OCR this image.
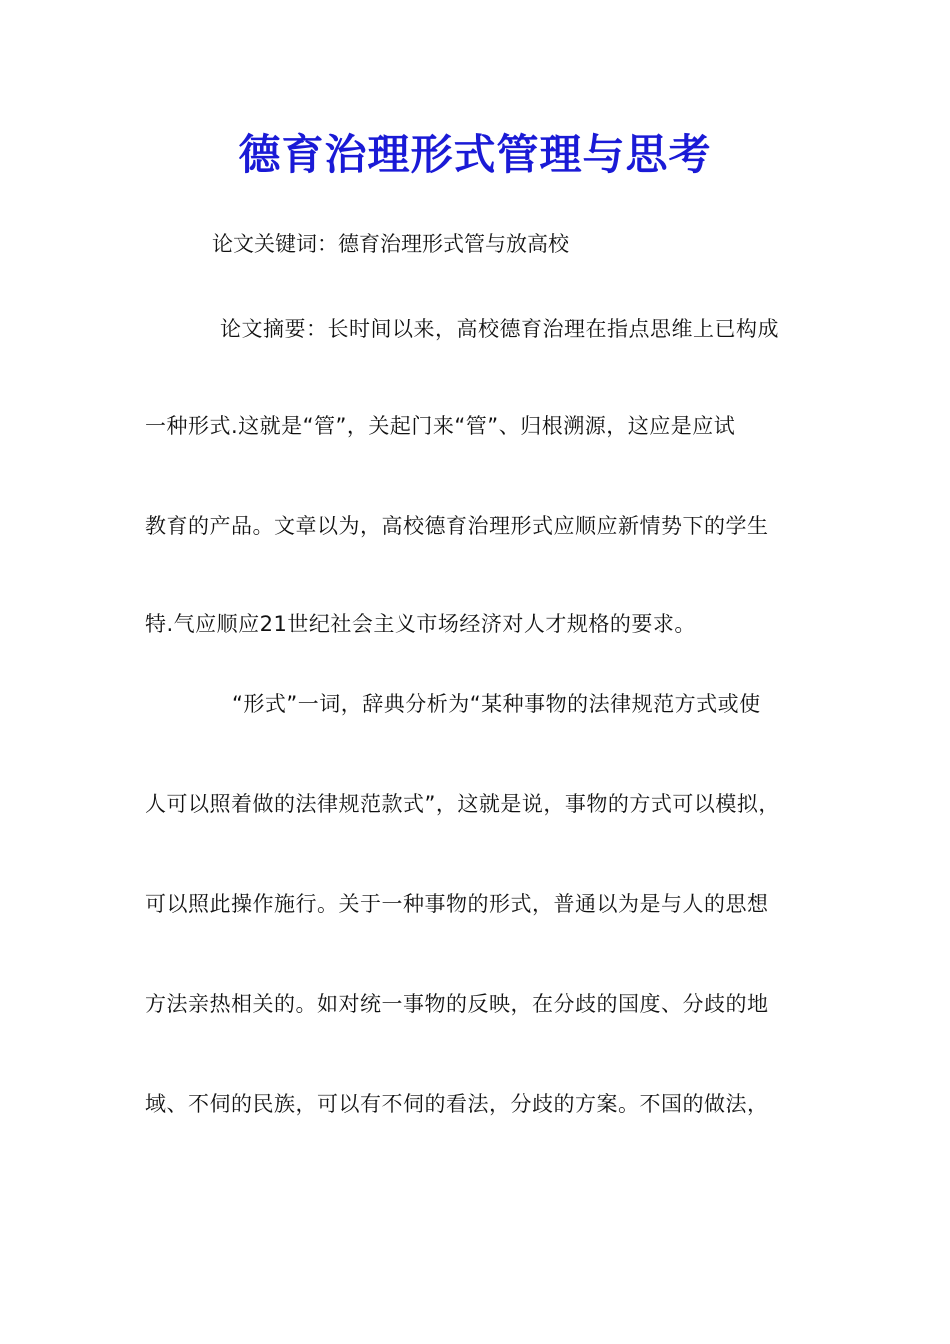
德育治理形式管理与思考
论文关键词：德育治理形式管与放高校
论文摘要：长时间以来，高校德育治理在指点思维上已构成
一种形式.这就是“管”，关起门来“管”、归根溯源，这应是应试
教育的产品。文章以为，高校德育治理形式应顺应新情势下的学生
特.气应顺应21世纪社会主义市场经济对人才规格的要求。
“形式”一词，辞典分析为“某种事物的法律规范方式或使
人可以照着做的法律规范款式”，这就是说，事物的方式可以模拟，
可以照此操作施行。关于一种事物的形式，普通以为是与人的思想
方法亲热相关的。如对统一事物的反映，在分歧的国度、分歧的地
域、不伺的民族，可以有不伺的看法，分歧的方案。不国的做法，
